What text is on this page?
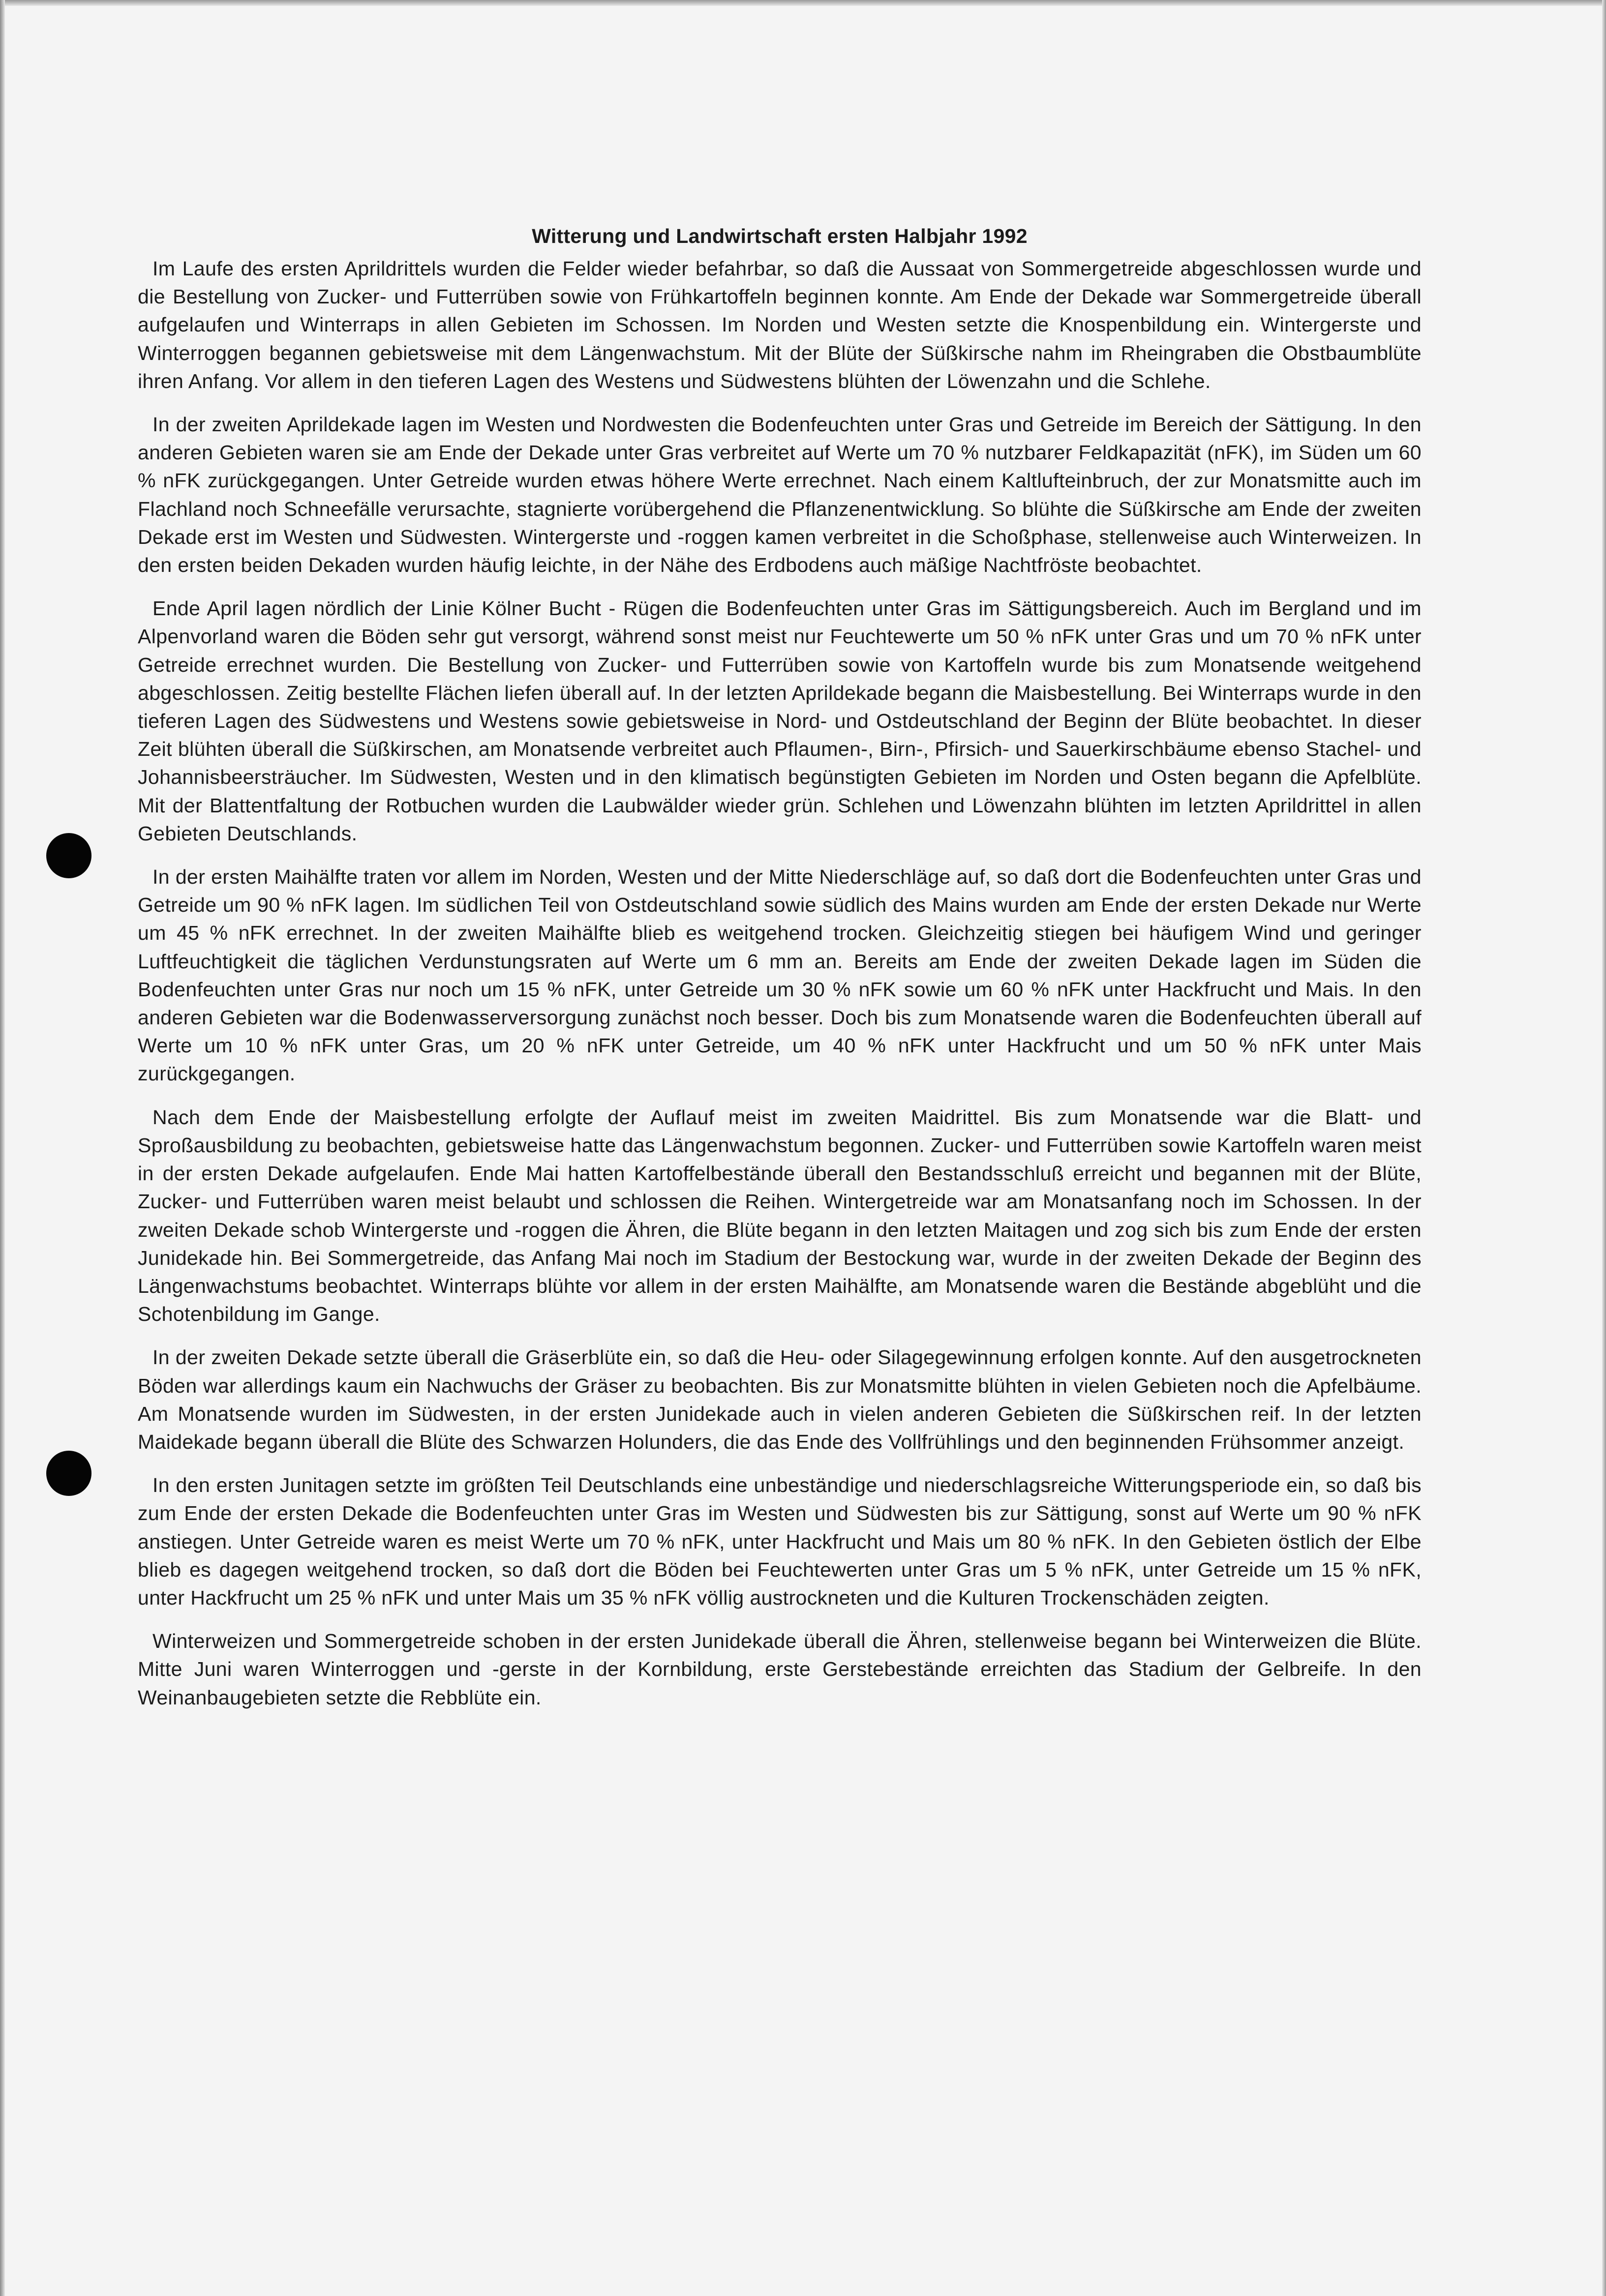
Witterung und Landwirtschaft ersten Halbjahr 1992

Im Laufe des ersten Aprildrittels wurden die Felder wieder befahrbar, so daß die Aussaat von Sommergetreide abgeschlossen wurde und die Bestellung von Zucker- und Futterrüben sowie von Frühkartoffeln beginnen konnte. Am Ende der Dekade war Sommergetreide überall aufgelaufen und Winterraps in allen Gebieten im Schossen. Im Norden und Westen setzte die Knospenbildung ein. Wintergerste und Winterroggen begannen gebietsweise mit dem Längenwachstum. Mit der Blüte der Süßkirsche nahm im Rheingraben die Obstbaumblüte ihren Anfang. Vor allem in den tieferen Lagen des Westens und Südwestens blühten der Löwenzahn und die Schlehe.

In der zweiten Aprildekade lagen im Westen und Nordwesten die Bodenfeuchten unter Gras und Getreide im Bereich der Sättigung. In den anderen Gebieten waren sie am Ende der Dekade unter Gras verbreitet auf Werte um 70 % nutzbarer Feldkapazität (nFK), im Süden um 60 % nFK zurückgegangen. Unter Getreide wurden etwas höhere Werte errechnet. Nach einem Kaltlufteinbruch, der zur Monatsmitte auch im Flachland noch Schneefälle verursachte, stagnierte vorübergehend die Pflanzenentwicklung. So blühte die Süßkirsche am Ende der zweiten Dekade erst im Westen und Südwesten. Wintergerste und -roggen kamen verbreitet in die Schoßphase, stellenweise auch Winterweizen. In den ersten beiden Dekaden wurden häufig leichte, in der Nähe des Erdbodens auch mäßige Nachtfröste beobachtet.

Ende April lagen nördlich der Linie Kölner Bucht - Rügen die Bodenfeuchten unter Gras im Sättigungsbereich. Auch im Bergland und im Alpenvorland waren die Böden sehr gut versorgt, während sonst meist nur Feuchtewerte um 50 % nFK unter Gras und um 70 % nFK unter Getreide errechnet wurden. Die Bestellung von Zucker- und Futterrüben sowie von Kartoffeln wurde bis zum Monatsende weitgehend abgeschlossen. Zeitig bestellte Flächen liefen überall auf. In der letzten Aprildekade begann die Maisbestellung. Bei Winterraps wurde in den tieferen Lagen des Südwestens und Westens sowie gebietsweise in Nord- und Ostdeutschland der Beginn der Blüte beobachtet. In dieser Zeit blühten überall die Süßkirschen, am Monatsende verbreitet auch Pflaumen-, Birn-, Pfirsich- und Sauerkirschbäume ebenso Stachel- und Johannisbeersträucher. Im Südwesten, Westen und in den klimatisch begünstigten Gebieten im Norden und Osten begann die Apfelblüte. Mit der Blattentfaltung der Rotbuchen wurden die Laubwälder wieder grün. Schlehen und Löwenzahn blühten im letzten Aprildrittel in allen Gebieten Deutschlands.

In der ersten Maihälfte traten vor allem im Norden, Westen und der Mitte Niederschläge auf, so daß dort die Bodenfeuchten unter Gras und Getreide um 90 % nFK lagen. Im südlichen Teil von Ostdeutschland sowie südlich des Mains wurden am Ende der ersten Dekade nur Werte um 45 % nFK errechnet. In der zweiten Maihälfte blieb es weitgehend trocken. Gleichzeitig stiegen bei häufigem Wind und geringer Luftfeuchtigkeit die täglichen Verdunstungsraten auf Werte um 6 mm an. Bereits am Ende der zweiten Dekade lagen im Süden die Bodenfeuchten unter Gras nur noch um 15 % nFK, unter Getreide um 30 % nFK sowie um 60 % nFK unter Hackfrucht und Mais. In den anderen Gebieten war die Bodenwasserversorgung zunächst noch besser. Doch bis zum Monatsende waren die Bodenfeuchten überall auf Werte um 10 % nFK unter Gras, um 20 % nFK unter Getreide, um 40 % nFK unter Hackfrucht und um 50 % nFK unter Mais zurückgegangen.

Nach dem Ende der Maisbestellung erfolgte der Auflauf meist im zweiten Maidrittel. Bis zum Monatsende war die Blatt- und Sproßausbildung zu beobachten, gebietsweise hatte das Längenwachstum begonnen. Zucker- und Futterrüben sowie Kartoffeln waren meist in der ersten Dekade aufgelaufen. Ende Mai hatten Kartoffelbestände überall den Bestandsschluß erreicht und begannen mit der Blüte, Zucker- und Futterrüben waren meist belaubt und schlossen die Reihen. Wintergetreide war am Monatsanfang noch im Schossen. In der zweiten Dekade schob Wintergerste und -roggen die Ähren, die Blüte begann in den letzten Maitagen und zog sich bis zum Ende der ersten Junidekade hin. Bei Sommergetreide, das Anfang Mai noch im Stadium der Bestockung war, wurde in der zweiten Dekade der Beginn des Längenwachstums beobachtet. Winterraps blühte vor allem in der ersten Maihälfte, am Monatsende waren die Bestände abgeblüht und die Schotenbildung im Gange.

In der zweiten Dekade setzte überall die Gräserblüte ein, so daß die Heu- oder Silagegewinnung erfolgen konnte. Auf den ausgetrockneten Böden war allerdings kaum ein Nachwuchs der Gräser zu beobachten. Bis zur Monatsmitte blühten in vielen Gebieten noch die Apfelbäume. Am Monatsende wurden im Südwesten, in der ersten Junidekade auch in vielen anderen Gebieten die Süßkirschen reif. In der letzten Maidekade begann überall die Blüte des Schwarzen Holunders, die das Ende des Vollfrühlings und den beginnenden Frühsommer anzeigt.

In den ersten Junitagen setzte im größten Teil Deutschlands eine unbeständige und niederschlagsreiche Witterungsperiode ein, so daß bis zum Ende der ersten Dekade die Bodenfeuchten unter Gras im Westen und Südwesten bis zur Sättigung, sonst auf Werte um 90 % nFK anstiegen. Unter Getreide waren es meist Werte um 70 % nFK, unter Hackfrucht und Mais um 80 % nFK. In den Gebieten östlich der Elbe blieb es dagegen weitgehend trocken, so daß dort die Böden bei Feuchtewerten unter Gras um 5 % nFK, unter Getreide um 15 % nFK, unter Hackfrucht um 25 % nFK und unter Mais um 35 % nFK völlig austrockneten und die Kulturen Trockenschäden zeigten.

Winterweizen und Sommergetreide schoben in der ersten Junidekade überall die Ähren, stellenweise begann bei Winterweizen die Blüte. Mitte Juni waren Winterroggen und -gerste in der Kornbildung, erste Gerstebestände erreichten das Stadium der Gelbreife. In den Weinanbaugebieten setzte die Rebblüte ein.
